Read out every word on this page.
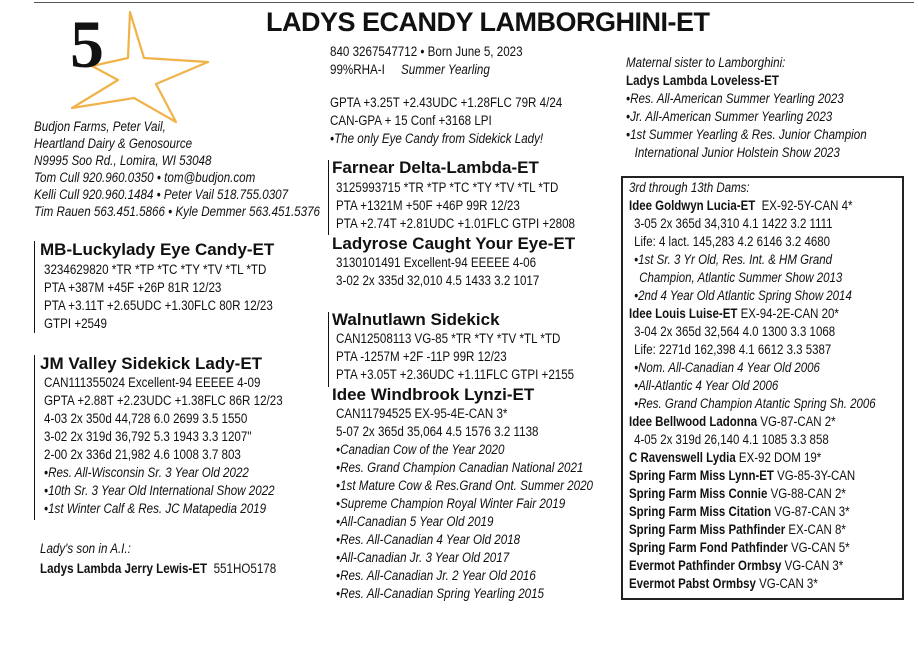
5	LADYS ECANDY LAMBORGHINI-ET
Budjon Farms, Peter Vail,
Heartland Dairy & Genosource
N9995 Soo Rd., Lomira, WI 53048
Tom Cull 920.960.0350 • tom@budjon.com
Kelli Cull 920.960.1484 • Peter Vail 518.755.0307
Tim Rauen 563.451.5866 • Kyle Demmer 563.451.5376
MB-Luckylady Eye Candy-ET
3234629820 *TR *TP *TC *TY *TV *TL *TD
PTA +387M +45F +26P 81R 12/23
PTA +3.11T +2.65UDC +1.30FLC 80R 12/23
GTPI +2549
JM Valley Sidekick Lady-ET
CAN111355024 Excellent-94 EEEEE 4-09
GPTA +2.88T +2.23UDC +1.38FLC 86R 12/23
4-03 2x 350d 44,728 6.0 2699 3.5 1550
3-02 2x 319d 36,792 5.3 1943 3.3 1207"
2-00 2x 336d 21,982 4.6 1008 3.7 803
•Res. All-Wisconsin Sr. 3 Year Old 2022
•10th Sr. 3 Year Old International Show 2022
•1st Winter Calf & Res. JC Matapedia 2019
Lady's son in A.I.:
Ladys Lambda Jerry Lewis-ET 551HO5178
840 3267547712 • Born June 5, 2023
99%RHA-I Summer Yearling
GPTA +3.25T +2.43UDC +1.28FLC 79R 4/24
CAN-GPA + 15 Conf +3168 LPI
•The only Eye Candy from Sidekick Lady!
Farnear Delta-Lambda-ET
3125993715 *TR *TP *TC *TY *TV *TL *TD
PTA +1321M +50F +46P 99R 12/23
PTA +2.74T +2.81UDC +1.01FLC GTPI +2808
Ladyrose Caught Your Eye-ET
3130101491 Excellent-94 EEEEE 4-06
3-02 2x 335d 32,010 4.5 1433 3.2 1017
Walnutlawn Sidekick
CAN12508113 VG-85 *TR *TY *TV *TL *TD
PTA -1257M +2F -11P 99R 12/23
PTA +3.05T +2.36UDC +1.11FLC GTPI +2155
Idee Windbrook Lynzi-ET
CAN11794525 EX-95-4E-CAN 3*
5-07 2x 365d 35,064 4.5 1576 3.2 1138
•Canadian Cow of the Year 2020
•Res. Grand Champion Canadian National 2021
•1st Mature Cow & Res.Grand Ont. Summer 2020
•Supreme Champion Royal Winter Fair 2019
•All-Canadian 5 Year Old 2019
•Res. All-Canadian 4 Year Old 2018
•All-Canadian Jr. 3 Year Old 2017
•Res. All-Canadian Jr. 2 Year Old 2016
•Res. All-Canadian Spring Yearling 2015
Maternal sister to Lamborghini:
Ladys Lambda Loveless-ET
•Res. All-American Summer Yearling 2023
•Jr. All-American Summer Yearling 2023
•1st Summer Yearling & Res. Junior Champion
International Junior Holstein Show 2023
3rd through 13th Dams:
Idee Goldwyn Lucia-ET EX-92-5Y-CAN 4*
3-05 2x 365d 34,310 4.1 1422 3.2 1111
Life: 4 lact. 145,283 4.2 6146 3.2 4680
•1st Sr. 3 Yr Old, Res. Int. & HM Grand
Champion, Atlantic Summer Show 2013
•2nd 4 Year Old Atlantic Spring Show 2014
Idee Louis Luise-ET EX-94-2E-CAN 20*
3-04 2x 365d 32,564 4.0 1300 3.3 1068
Life: 2271d 162,398 4.1 6612 3.3 5387
•Nom. All-Canadian 4 Year Old 2006
•All-Atlantic 4 Year Old 2006
•Res. Grand Champion Atantic Spring Sh. 2006
Idee Bellwood Ladonna VG-87-CAN 2*
4-05 2x 319d 26,140 4.1 1085 3.3 858
C Ravenswell Lydia EX-92 DOM 19*
Spring Farm Miss Lynn-ET VG-85-3Y-CAN
Spring Farm Miss Connie VG-88-CAN 2*
Spring Farm Miss Citation VG-87-CAN 3*
Spring Farm Miss Pathfinder EX-CAN 8*
Spring Farm Fond Pathfinder VG-CAN 5*
Evermot Pathfinder Ormbsy VG-CAN 3*
Evermot Pabst Ormbsy VG-CAN 3*
